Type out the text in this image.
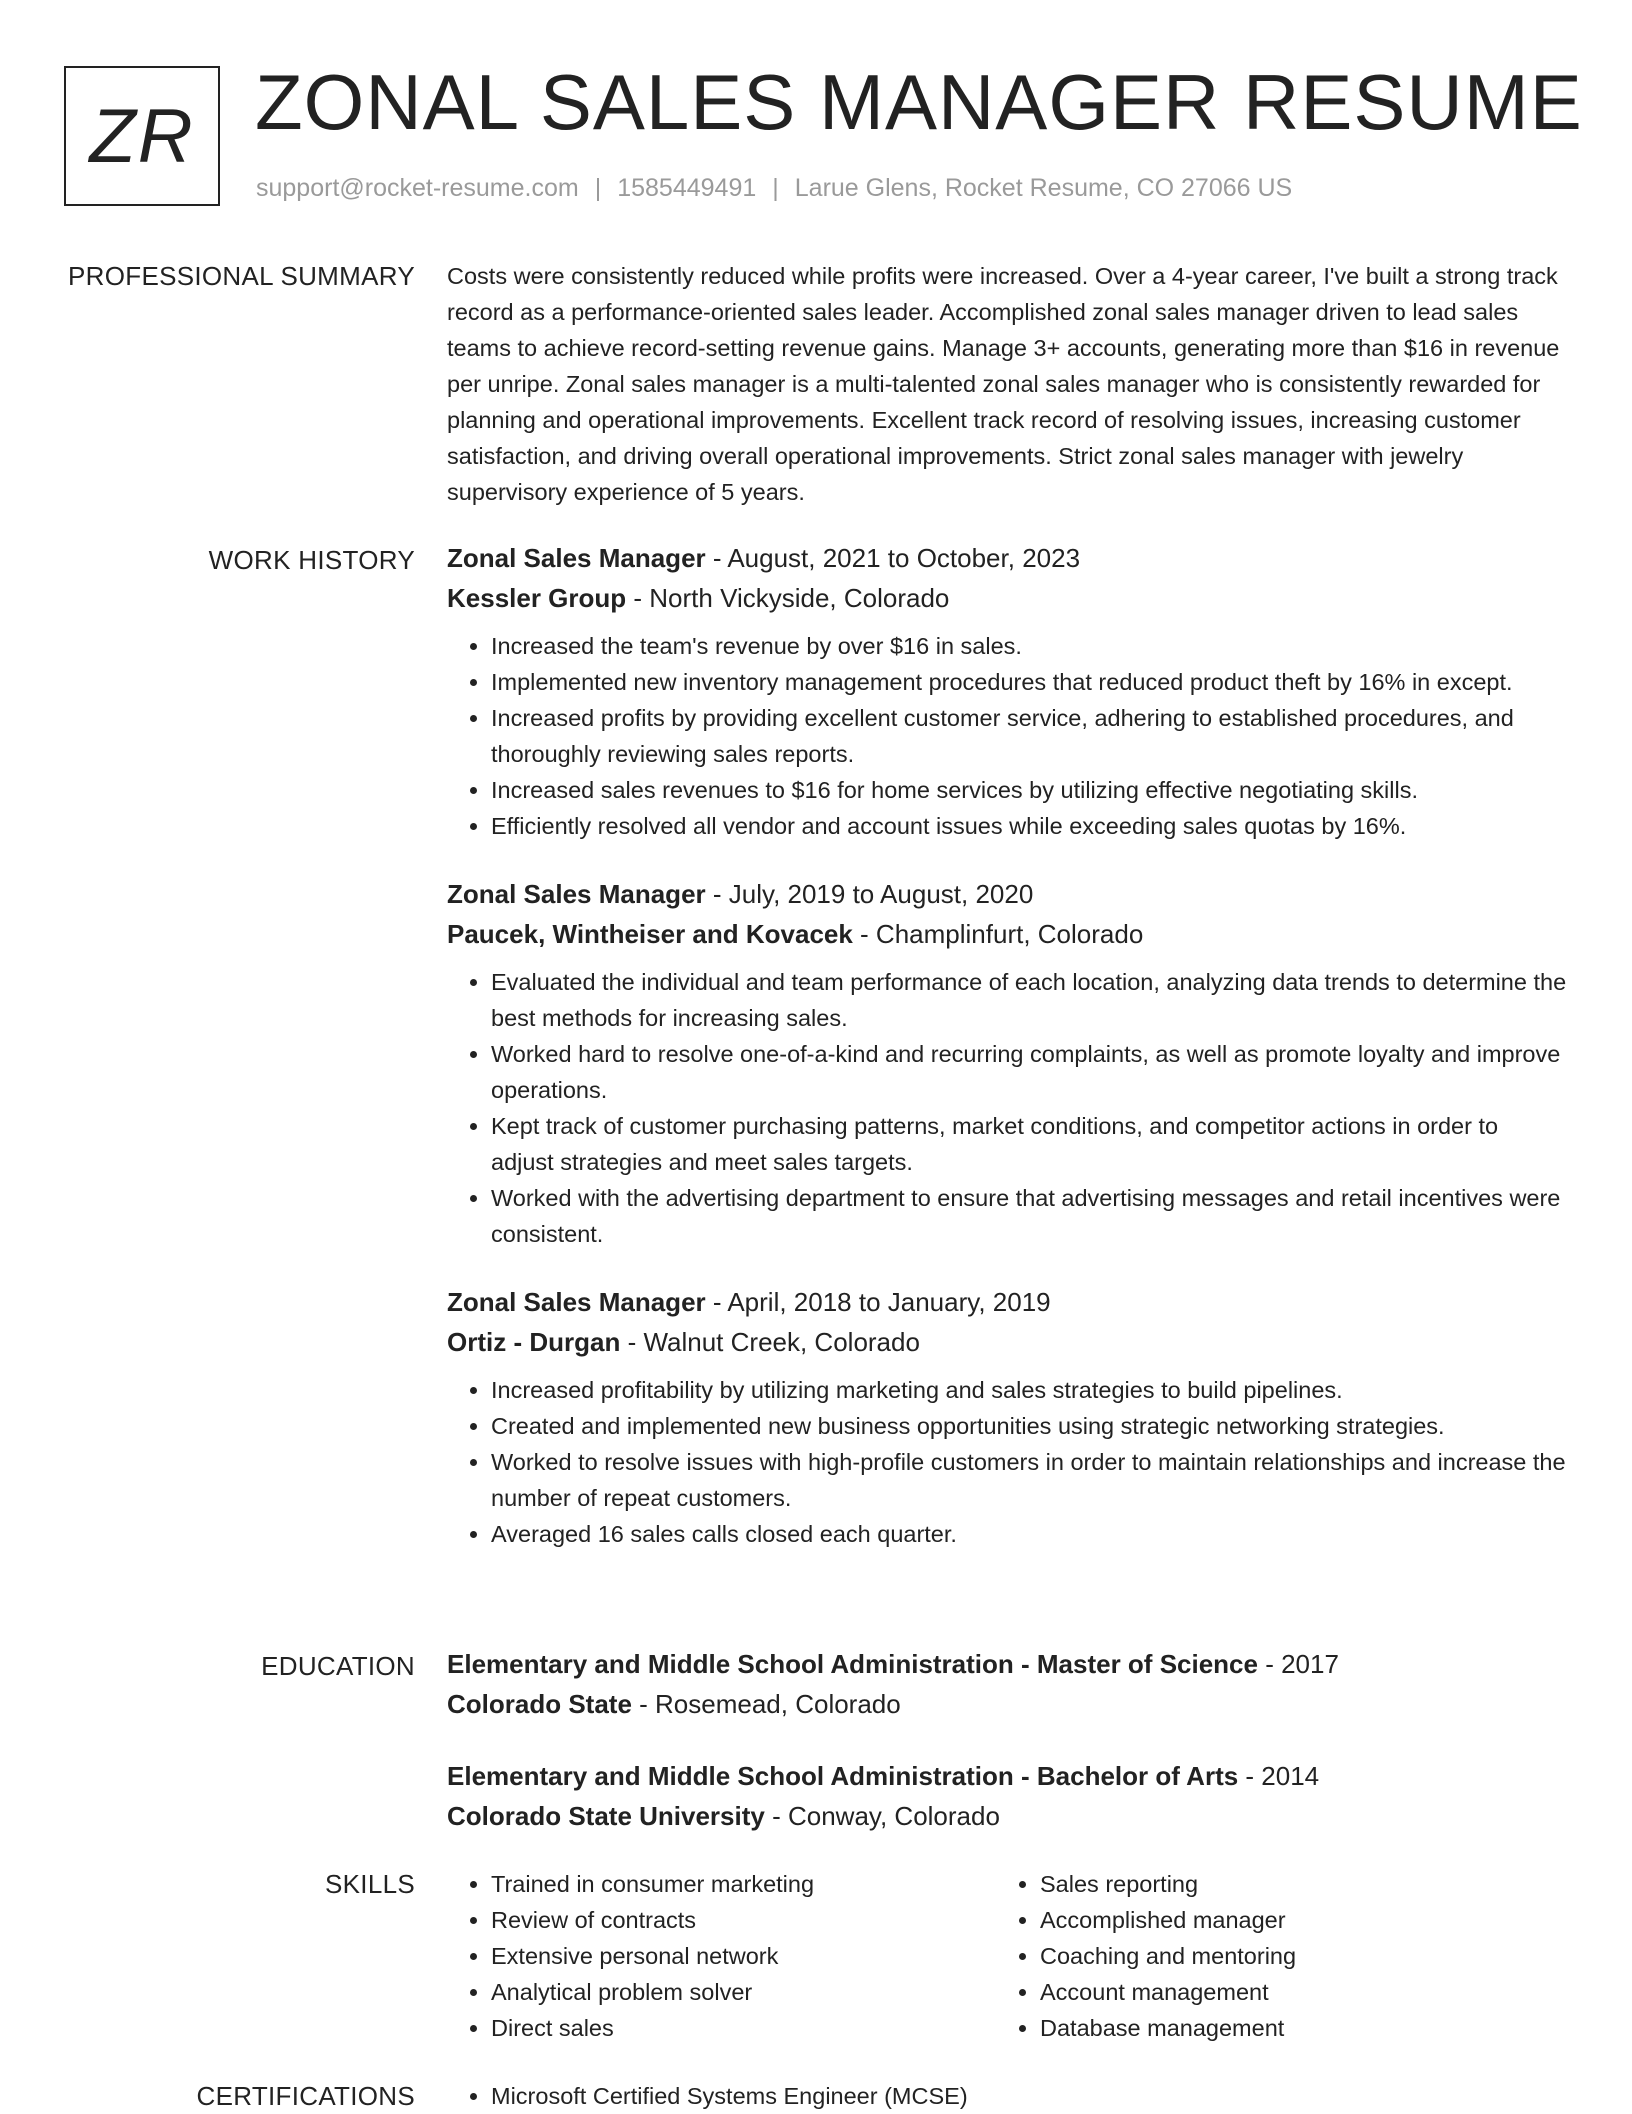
ZR ZONAL SALES MANAGER RESUME
support@rocket-resume.com | 1585449491 | Larue Glens, Rocket Resume, CO 27066 US
PROFESSIONAL SUMMARY Costs were consistently reduced while profits were increased. Over a 4-year career, I've built a strong track record as a performance-oriented sales leader. Accomplished zonal sales manager driven to lead sales teams to achieve record-setting revenue gains. Manage 3+ accounts, generating more than $16 in revenue per unripe. Zonal sales manager is a multi-talented zonal sales manager who is consistently rewarded for planning and operational improvements. Excellent track record of resolving issues, increasing customer satisfaction, and driving overall operational improvements. Strict zonal sales manager with jewelry supervisory experience of 5 years.

WORK HISTORY Zonal Sales Manager - August, 2021 to October, 2023
Kessler Group - North Vickyside, Colorado
• Increased the team's revenue by over $16 in sales.
• Implemented new inventory management procedures that reduced product theft by 16% in except.
• Increased profits by providing excellent customer service, adhering to established procedures, and thoroughly reviewing sales reports.
• Increased sales revenues to $16 for home services by utilizing effective negotiating skills.
• Efficiently resolved all vendor and account issues while exceeding sales quotas by 16%.
Zonal Sales Manager - July, 2019 to August, 2020
Paucek, Wintheiser and Kovacek - Champlinfurt, Colorado
• Evaluated the individual and team performance of each location, analyzing data trends to determine the best methods for increasing sales.
• Worked hard to resolve one-of-a-kind and recurring complaints, as well as promote loyalty and improve operations.
• Kept track of customer purchasing patterns, market conditions, and competitor actions in order to adjust strategies and meet sales targets.
• Worked with the advertising department to ensure that advertising messages and retail incentives were consistent.
Zonal Sales Manager - April, 2018 to January, 2019
Ortiz - Durgan - Walnut Creek, Colorado
• Increased profitability by utilizing marketing and sales strategies to build pipelines.
• Created and implemented new business opportunities using strategic networking strategies.
• Worked to resolve issues with high-profile customers in order to maintain relationships and increase the number of repeat customers.
• Averaged 16 sales calls closed each quarter.
EDUCATION Elementary and Middle School Administration - Master of Science - 2017
Colorado State - Rosemead, Colorado
Elementary and Middle School Administration - Bachelor of Arts - 2014
Colorado State University - Conway, Colorado
SKILLS	• Trained in consumer marketing
• Review of contracts
• Extensive personal network
• Analytical problem solver
• Direct sales
• Sales reporting
• Accomplished manager
• Coaching and mentoring
• Account management
• Database management
CERTIFICATIONS	• Microsoft Certified Systems Engineer (MCSE)
